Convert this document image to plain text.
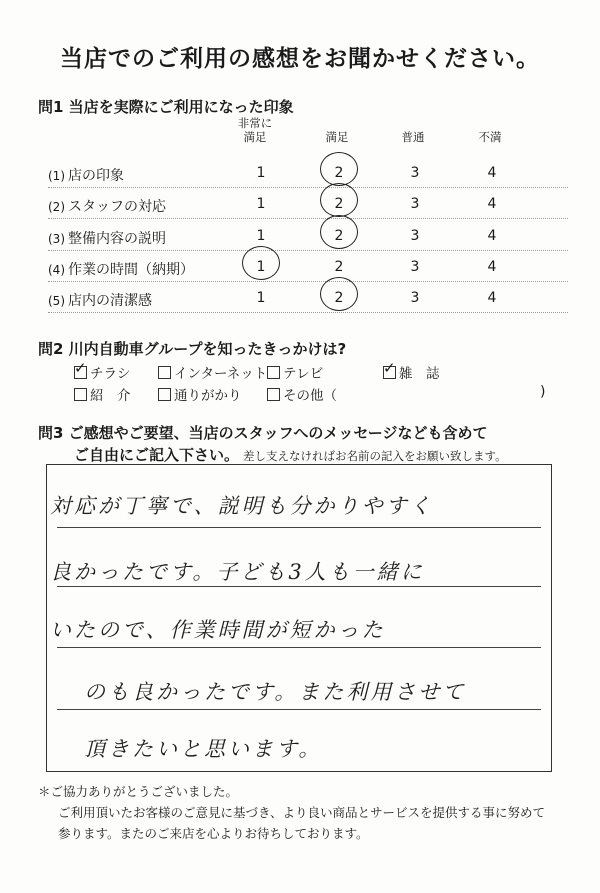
当店でのご利用の感想をお聞かせください。
問1 当店を実際にご利用になった印象
非常に
満足	満足	普通	不満
(1) 店の印象	1	2	3	4
(2) スタッフの対応	1	2	3	4
(3) 整備内容の説明	1	2	3	4
(4) 作業の時間（納期）	1	2	3	4
(5) 店内の清潔感	1	2	3	4
問2 川内自動車グループを知ったきっかけは?
✓ チラシ	インターネット	テレビ	✓ 雑　誌
紹　介	通りがかり	その他（	)
問3 ご感想やご要望、当店のスタッフへのメッセージなども含めて
ご自由にご記入下さい。 差し支えなければお名前の記入をお願い致します。
対応が丁寧で、説明も分かりやすく
良かったです。子ども3人も一緒に
いたので、作業時間が短かった
のも良かったです。また利用させて
頂きたいと思います。
＊ご協力ありがとうございました。
ご利用頂いたお客様のご意見に基づき、より良い商品とサービスを提供する事に努めて
参ります。またのご来店を心よりお待ちしております。
